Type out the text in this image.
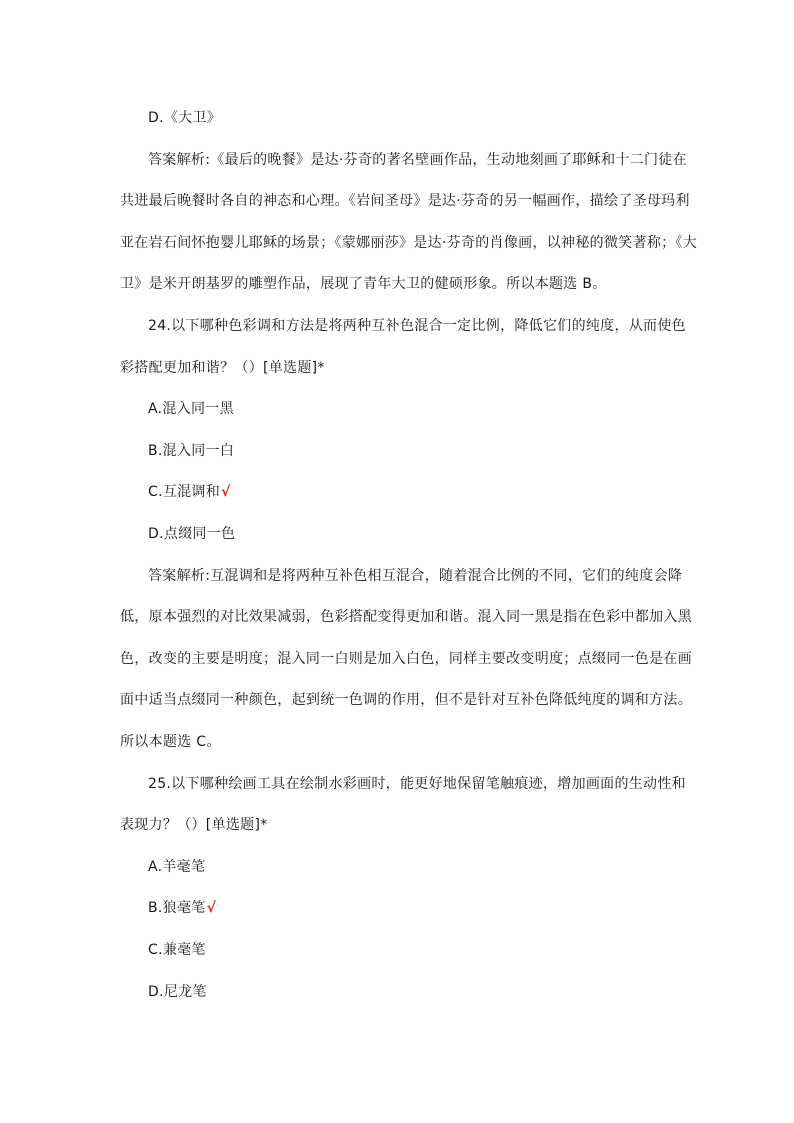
D.《大卫》
答案解析:《最后的晚餐》是达·芬奇的著名壁画作品，生动地刻画了耶稣和十二门徒在
共进最后晚餐时各自的神态和心理。《岩间圣母》是达·芬奇的另一幅画作，描绘了圣母玛利
亚在岩石间怀抱婴儿耶稣的场景；《蒙娜丽莎》是达·芬奇的肖像画，以神秘的微笑著称；《大
卫》是米开朗基罗的雕塑作品，展现了青年大卫的健硕形象。所以本题选 B。
24.以下哪种色彩调和方法是将两种互补色混合一定比例，降低它们的纯度，从而使色
彩搭配更加和谐？（）[单选题]*
A.混入同一黑
B.混入同一白
C.互混调和√
D.点缀同一色
答案解析:互混调和是将两种互补色相互混合，随着混合比例的不同，它们的纯度会降
低，原本强烈的对比效果减弱，色彩搭配变得更加和谐。混入同一黑是指在色彩中都加入黑
色，改变的主要是明度；混入同一白则是加入白色，同样主要改变明度；点缀同一色是在画
面中适当点缀同一种颜色，起到统一色调的作用，但不是针对互补色降低纯度的调和方法。
所以本题选 C。
25.以下哪种绘画工具在绘制水彩画时，能更好地保留笔触痕迹，增加画面的生动性和
表现力？（）[单选题]*
A.羊毫笔
B.狼毫笔√
C.兼毫笔
D.尼龙笔
